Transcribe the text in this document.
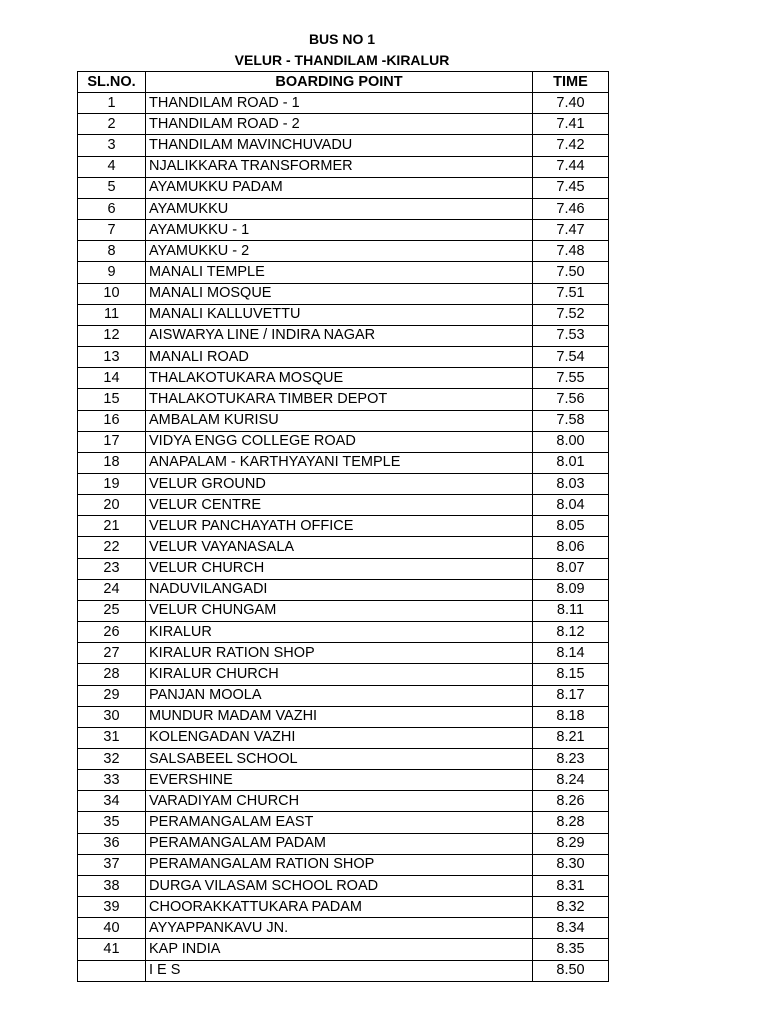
BUS NO 1
VELUR - THANDILAM -KIRALUR
SL.NO.	BOARDING POINT	TIME
1	THANDILAM ROAD - 1	7.40
2	THANDILAM ROAD - 2	7.41
3	THANDILAM MAVINCHUVADU	7.42
4	NJALIKKARA TRANSFORMER	7.44
5	AYAMUKKU PADAM	7.45
6	AYAMUKKU	7.46
7	AYAMUKKU - 1	7.47
8	AYAMUKKU - 2	7.48
9	MANALI TEMPLE	7.50
10	MANALI MOSQUE	7.51
11	MANALI KALLUVETTU	7.52
12	AISWARYA LINE / INDIRA NAGAR	7.53
13	MANALI ROAD	7.54
14	THALAKOTUKARA MOSQUE	7.55
15	THALAKOTUKARA TIMBER DEPOT	7.56
16	AMBALAM KURISU	7.58
17	VIDYA ENGG COLLEGE ROAD	8.00
18	ANAPALAM - KARTHYAYANI TEMPLE	8.01
19	VELUR GROUND	8.03
20	VELUR CENTRE	8.04
21	VELUR PANCHAYATH OFFICE	8.05
22	VELUR VAYANASALA	8.06
23	VELUR CHURCH	8.07
24	NADUVILANGADI	8.09
25	VELUR CHUNGAM	8.11
26	KIRALUR	8.12
27	KIRALUR RATION SHOP	8.14
28	KIRALUR CHURCH	8.15
29	PANJAN MOOLA	8.17
30	MUNDUR MADAM VAZHI	8.18
31	KOLENGADAN VAZHI	8.21
32	SALSABEEL SCHOOL	8.23
33	EVERSHINE	8.24
34	VARADIYAM CHURCH	8.26
35	PERAMANGALAM EAST	8.28
36	PERAMANGALAM PADAM	8.29
37	PERAMANGALAM RATION SHOP	8.30
38	DURGA VILASAM SCHOOL ROAD	8.31
39	CHOORAKKATTUKARA PADAM	8.32
40	AYYAPPANKAVU JN.	8.34
41	KAP INDIA	8.35
	I E S	8.50
